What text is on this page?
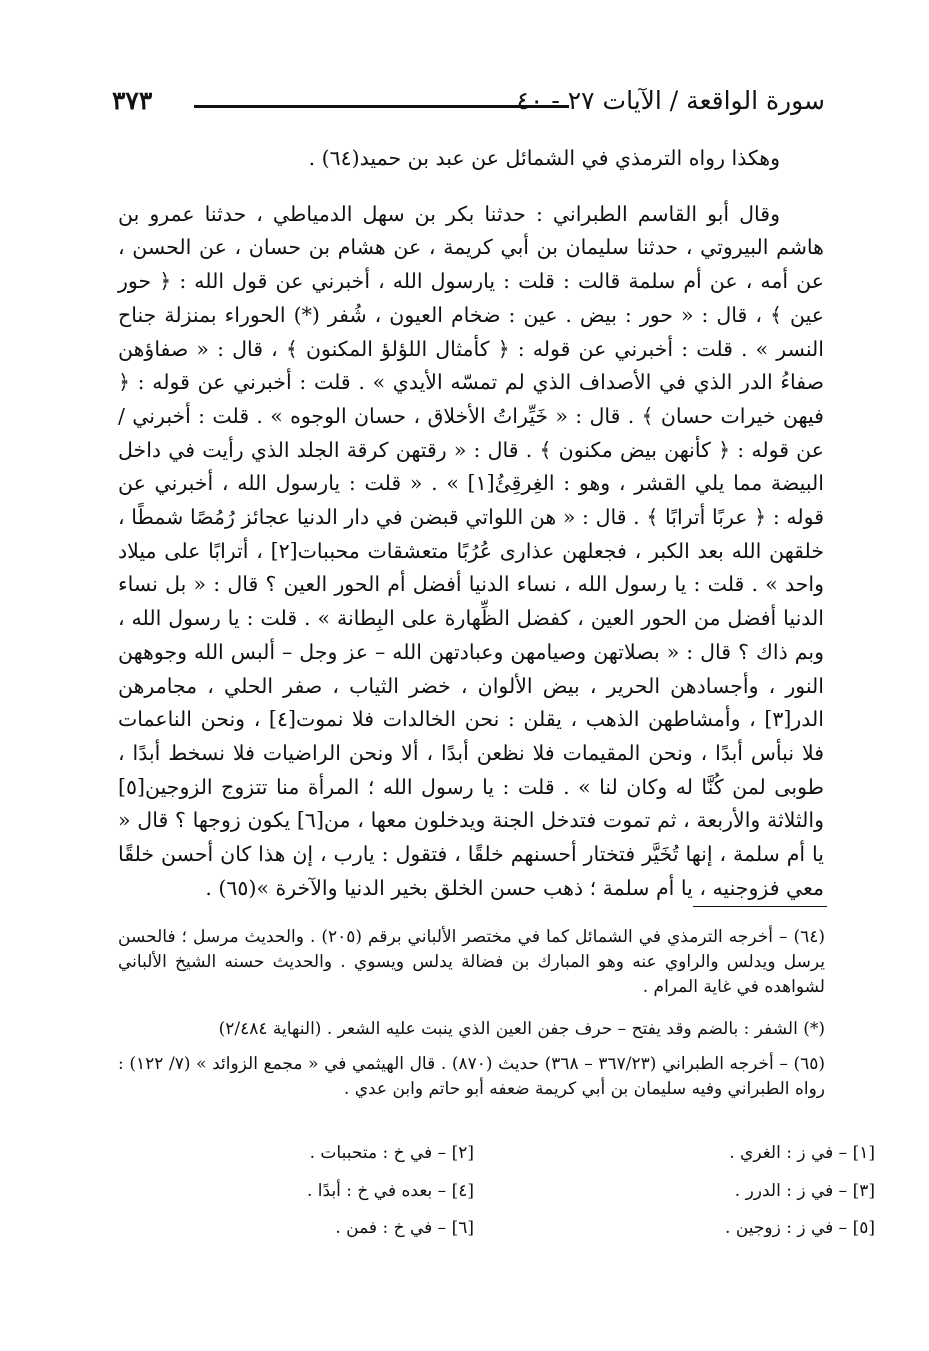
سورة الواقعة / الآيات ٢٧ - ٤٠
٣٧٣

وهكذا رواه الترمذي في الشمائل عن عبد بن حميد(٦٤) .

وقال أبو القاسم الطبراني : حدثنا بكر بن سهل الدمياطي ، حدثنا عمرو بن هاشم البيروتي ، حدثنا سليمان بن أبي كريمة ، عن هشام بن حسان ، عن الحسن ، عن أمه ، عن أم سلمة قالت : قلت : يارسول الله ، أخبرني عن قول الله : ﴿ حور عين ﴾ ، قال : « حور : بيض . عين : ضخام العيون ، شُفر (*) الحوراء بمنزلة جناح النسر » . قلت : أخبرني عن قوله : ﴿ كأمثال اللؤلؤ المكنون ﴾ ، قال : « صفاؤهن صفاءُ الدر الذي في الأصداف الذي لم تمسّه الأيدي » . قلت : أخبرني عن قوله : ﴿ فيهن خيرات حسان ﴾ . قال : « خَيِّراتُ الأخلاق ، حسان الوجوه » . قلت : أخبرني / عن قوله : ﴿ كأنهن بيض مكنون ﴾ . قال : « رقتهن كرقة الجلد الذي رأيت في داخل البيضة مما يلي القشر ، وهو : الغِرقِئُ[١] » . « قلت : يارسول الله ، أخبرني عن قوله : ﴿ عربًا أترابًا ﴾ . قال : « هن اللواتي قبضن في دار الدنيا عجائز رُمُصًا شمطًا ، خلقهن الله بعد الكبر ، فجعلهن عذارى عُرُبًا متعشقات محببات[٢] ، أترابًا على ميلاد واحد » . قلت : يا رسول الله ، نساء الدنيا أفضل أم الحور العين ؟ قال : « بل نساء الدنيا أفضل من الحور العين ، كفضل الظِّهارة على البِطانة » . قلت : يا رسول الله ، وبم ذاك ؟ قال : « بصلاتهن وصيامهن وعبادتهن الله – عز وجل – ألبس الله وجوههن النور ، وأجسادهن الحرير ، بيض الألوان ، خضر الثياب ، صفر الحلي ، مجامرهن الدر[٣] ، وأمشاطهن الذهب ، يقلن : نحن الخالدات فلا نموت[٤] ، ونحن الناعمات فلا نبأس أبدًا ، ونحن المقيمات فلا نظعن أبدًا ، ألا ونحن الراضيات فلا نسخط أبدًا ، طوبى لمن كُنَّا له وكان لنا » . قلت : يا رسول الله ؛ المرأة منا تتزوج الزوجين[٥] والثلاثة والأربعة ، ثم تموت فتدخل الجنة ويدخلون معها ، من[٦] يكون زوجها ؟ قال « يا أم سلمة ، إنها تُخَيَّر فتختار أحسنهم خلقًا ، فتقول : يارب ، إن هذا كان أحسن خلقًا معي فزوجنيه ، يا أم سلمة ؛ ذهب حسن الخلق بخير الدنيا والآخرة »(٦٥) .

(٦٤) – أخرجه الترمذي في الشمائل كما في مختصر الألباني برقم (٢٠٥) . والحديث مرسل ؛ فالحسن يرسل ويدلس والراوي عنه وهو المبارك بن فضالة يدلس ويسوي . والحديث حسنه الشيخ الألباني لشواهده في غاية المرام .
(*) الشفر : بالضم وقد يفتح – حرف جفن العين الذي ينبت عليه الشعر . (النهاية ٢/٤٨٤)
(٦٥) – أخرجه الطبراني (٣٦٧/٢٣ – ٣٦٨) حديث (٨٧٠) . قال الهيثمي في « مجمع الزوائد » (٧/ ١٢٢) : رواه الطبراني وفيه سليمان بن أبي كريمة ضعفه أبو حاتم وابن عدي .
[١] – في ز : الغري .
[٢] – في خ : متحببات .
[٣] – في ز : الدرر .
[٤] – بعده في خ : أبدًا .
[٥] – في ز : زوجين .
[٦] – في خ : فمن .
